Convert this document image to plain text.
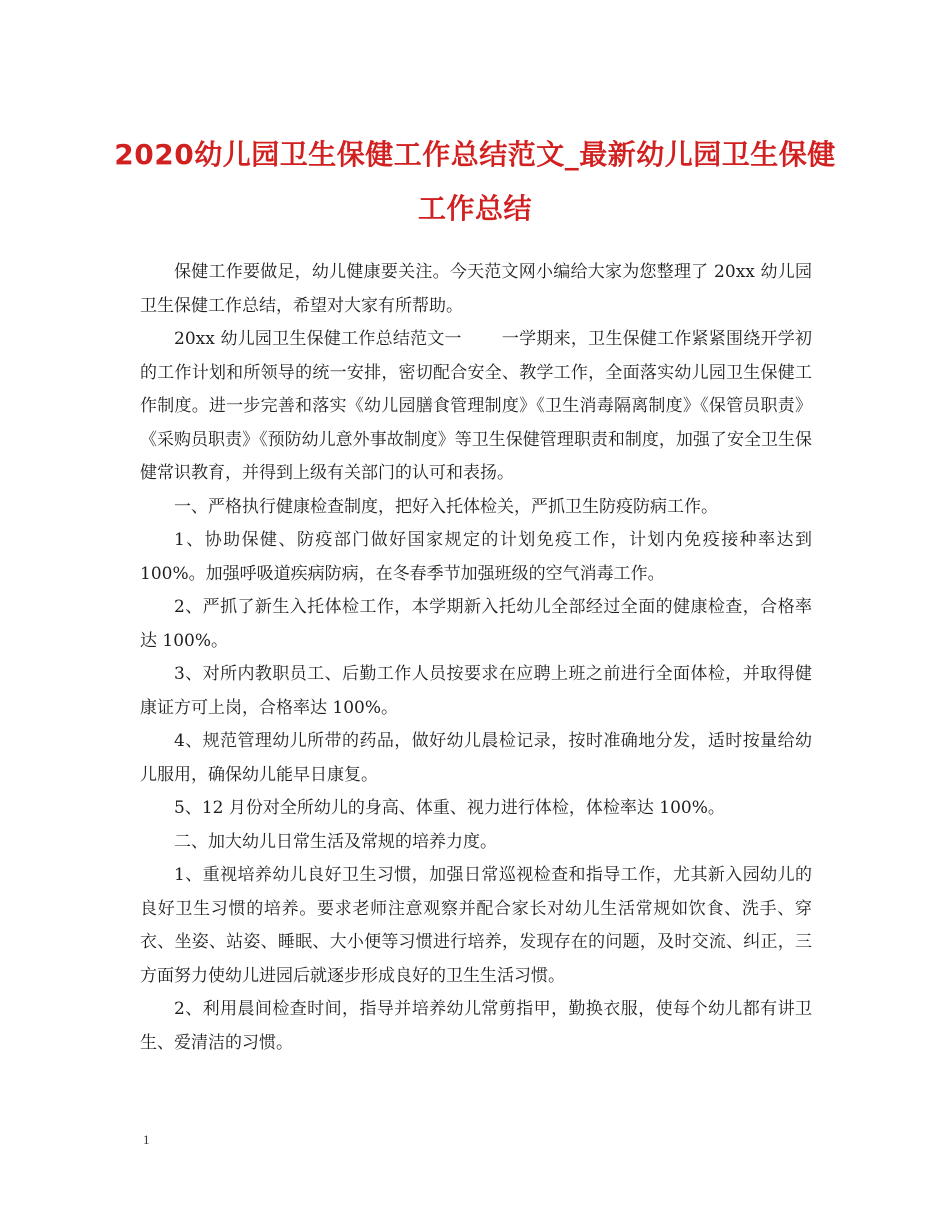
2020幼儿园卫生保健工作总结范文_最新幼儿园卫生保健工作总结

保健工作要做足，幼儿健康要关注。今天范文网小编给大家为您整理了 20xx 幼儿园卫生保健工作总结，希望对大家有所帮助。

20xx 幼儿园卫生保健工作总结范文一　　 一学期来，卫生保健工作紧紧围绕开学初的工作计划和所领导的统一安排，密切配合安全、教学工作，全面落实幼儿园卫生保健工作制度。进一步完善和落实《幼儿园膳食管理制度》《卫生消毒隔离制度》《保管员职责》《采购员职责》《预防幼儿意外事故制度》等卫生保健管理职责和制度，加强了安全卫生保健常识教育，并得到上级有关部门的认可和表扬。

一、严格执行健康检查制度，把好入托体检关，严抓卫生防疫防病工作。

1、协助保健、防疫部门做好国家规定的计划免疫工作，计划内免疫接种率达到 100%。加强呼吸道疾病防病，在冬春季节加强班级的空气消毒工作。

2、严抓了新生入托体检工作，本学期新入托幼儿全部经过全面的健康检查，合格率达 100%。

3、对所内教职员工、后勤工作人员按要求在应聘上班之前进行全面体检，并取得健康证方可上岗，合格率达 100%。

4、规范管理幼儿所带的药品，做好幼儿晨检记录，按时准确地分发，适时按量给幼儿服用，确保幼儿能早日康复。

5、12 月份对全所幼儿的身高、体重、视力进行体检，体检率达 100%。

二、加大幼儿日常生活及常规的培养力度。

1、重视培养幼儿良好卫生习惯，加强日常巡视检查和指导工作，尤其新入园幼儿的良好卫生习惯的培养。要求老师注意观察并配合家长对幼儿生活常规如饮食、洗手、穿衣、坐姿、站姿、睡眠、大小便等习惯进行培养，发现存在的问题，及时交流、纠正，三方面努力使幼儿进园后就逐步形成良好的卫生生活习惯。

2、利用晨间检查时间，指导并培养幼儿常剪指甲，勤换衣服，使每个幼儿都有讲卫生、爱清洁的习惯。

1
